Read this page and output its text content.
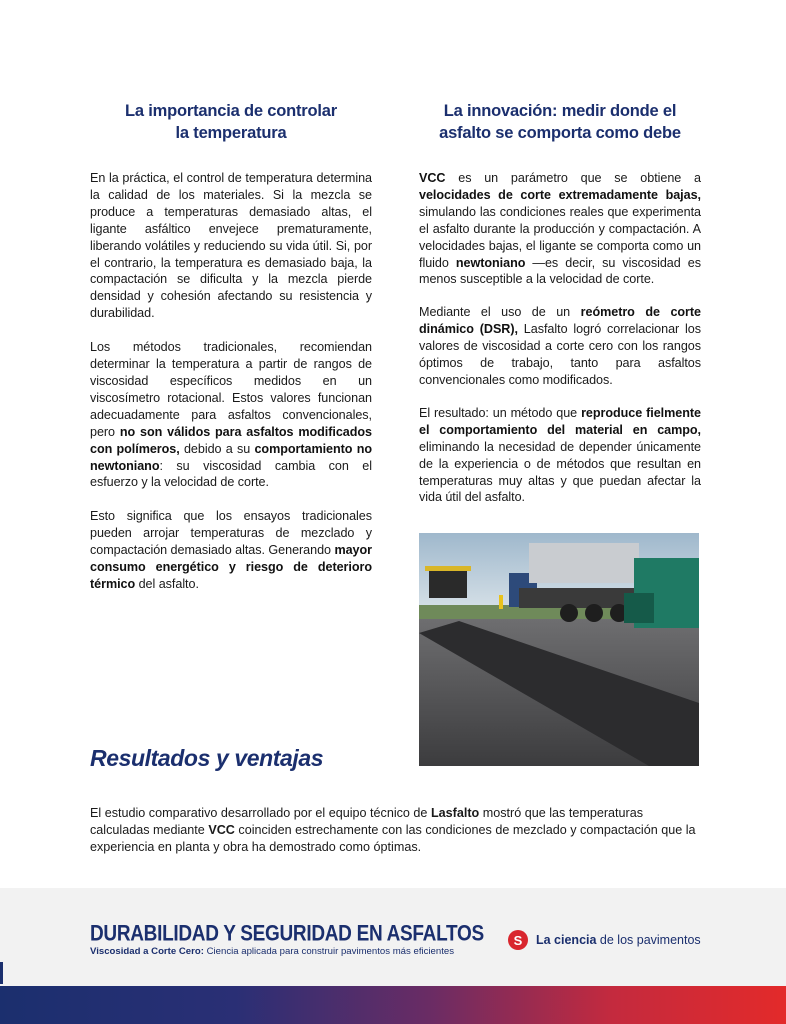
La importancia de controlar
la temperatura

En la práctica, el control de temperatura determina la calidad de los materiales. Si la mezcla se produce a temperaturas demasiado altas, el ligante asfáltico envejece prematuramente, liberando volátiles y reduciendo su vida útil. Si, por el contrario, la temperatura es demasiado baja, la compactación se dificulta y la mezcla pierde densidad y cohesión afectando su resistencia y durabilidad.

Los métodos tradicionales, recomiendan determinar la temperatura a partir de rangos de viscosidad específicos medidos en un viscosímetro rotacional. Estos valores funcionan adecuadamente para asfaltos convencionales, pero no son válidos para asfaltos modificados con polímeros, debido a su comportamiento no newtoniano: su viscosidad cambia con el esfuerzo y la velocidad de corte.

Esto significa que los ensayos tradicionales pueden arrojar temperaturas de mezclado y compactación demasiado altas. Generando mayor consumo energético y riesgo de deterioro térmico del asfalto.

La innovación: medir donde el
asfalto se comporta como debe

VCC es un parámetro que se obtiene a velocidades de corte extremadamente bajas, simulando las condiciones reales que experimenta el asfalto durante la producción y compactación. A velocidades bajas, el ligante se comporta como un fluido newtoniano —es decir, su viscosidad es menos susceptible a la velocidad de corte.

Mediante el uso de un reómetro de corte dinámico (DSR), Lasfalto logró correlacionar los valores de viscosidad a corte cero con los rangos óptimos de trabajo, tanto para asfaltos convencionales como modificados.

El resultado: un método que reproduce fielmente el comportamiento del material en campo, eliminando la necesidad de depender únicamente de la experiencia o de métodos que resultan en temperaturas muy altas y que puedan afectar la vida útil del asfalto.

Resultados y ventajas

El estudio comparativo desarrollado por el equipo técnico de Lasfalto mostró que las temperaturas calculadas mediante VCC coinciden estrechamente con las condiciones de mezclado y compactación que la experiencia en planta y obra ha demostrado como óptimas.

DURABILIDAD Y SEGURIDAD EN ASFALTOS
Viscosidad a Corte Cero: Ciencia aplicada para construir pavimentos más eficientes
S	La ciencia de los pavimentos
